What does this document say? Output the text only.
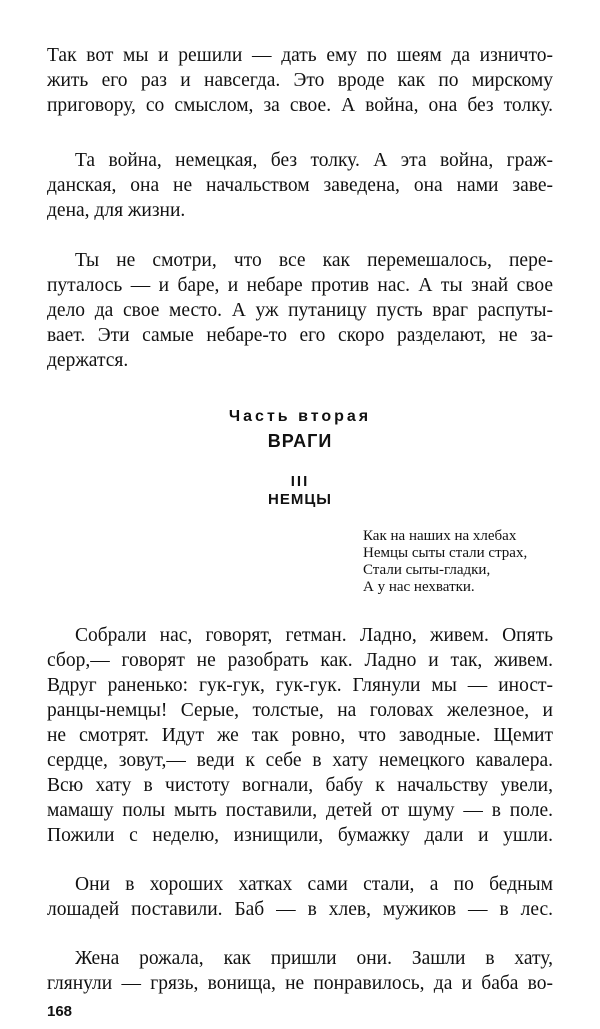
Так вот мы и решили — дать ему по шеям да изничто-
жить его раз и навсегда. Это вроде как по мирскому
приговору, со смыслом, за свое. А война, она без толку.
Та война, немецкая, без толку. А эта война, граж-
данская, она не начальством заведена, она нами заве-
дена, для жизни.
Ты не смотри, что все как перемешалось, пере-
путалось — и баре, и небаре против нас. А ты знай свое
дело да свое место. А уж путаницу пусть враг распуты-
вает. Эти самые небаре-то его скоро разделают, не за-
держатся.
Часть вторая
ВРАГИ
III
НЕМЦЫ
Как на наших на хлебах
Немцы сыты стали страх,
Стали сыты-гладки,
А у нас нехватки.
Собрали нас, говорят, гетман. Ладно, живем. Опять
сбор,— говорят не разобрать как. Ладно и так, живем.
Вдруг раненько: гук-гук, гук-гук. Глянули мы — иност-
ранцы-немцы! Серые, толстые, на головах железное, и
не смотрят. Идут же так ровно, что заводные. Щемит
сердце, зовут,— веди к себе в хату немецкого кавалера.
Всю хату в чистоту вогнали, бабу к начальству увели,
мамашу полы мыть поставили, детей от шуму — в поле.
Пожили с неделю, изнищили, бумажку дали и ушли.
Они в хороших хатках сами стали, а по бедным
лошадей поставили. Баб — в хлев, мужиков — в лес.
Жена рожала, как пришли они. Зашли в хату,
168
глянули — грязь, вонища, не понравилось, да и баба во-
